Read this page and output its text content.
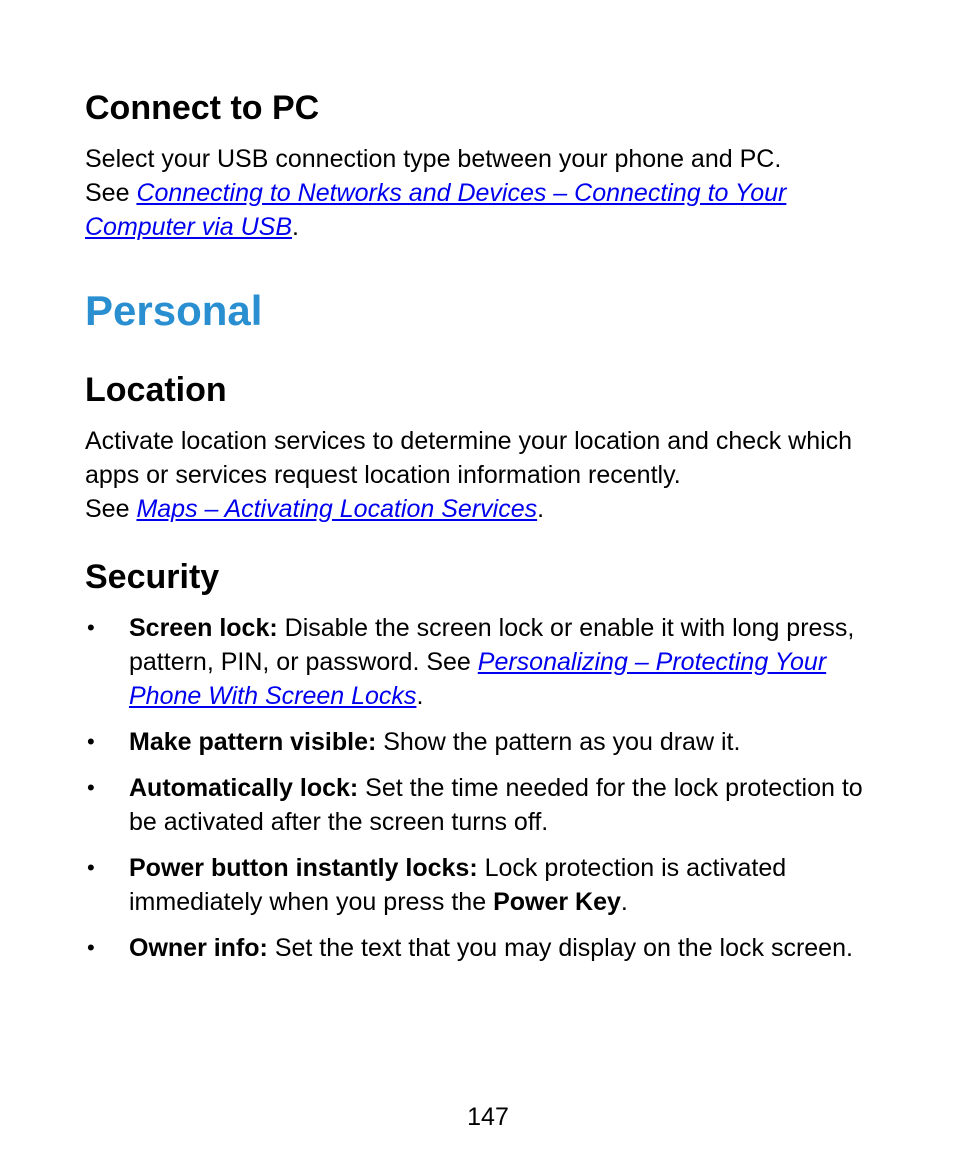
Connect to PC

Select your USB connection type between your phone and PC.
See Connecting to Networks and Devices – Connecting to Your Computer via USB.

Personal
Location

Activate location services to determine your location and check which apps or services request location information recently.
See Maps – Activating Location Services.

Security
• Screen lock: Disable the screen lock or enable it with long press, pattern, PIN, or password. See Personalizing – Protecting Your Phone With Screen Locks.
• Make pattern visible: Show the pattern as you draw it.
• Automatically lock: Set the time needed for the lock protection to be activated after the screen turns off.
• Power button instantly locks: Lock protection is activated immediately when you press the Power Key.
• Owner info: Set the text that you may display on the lock screen.
147
